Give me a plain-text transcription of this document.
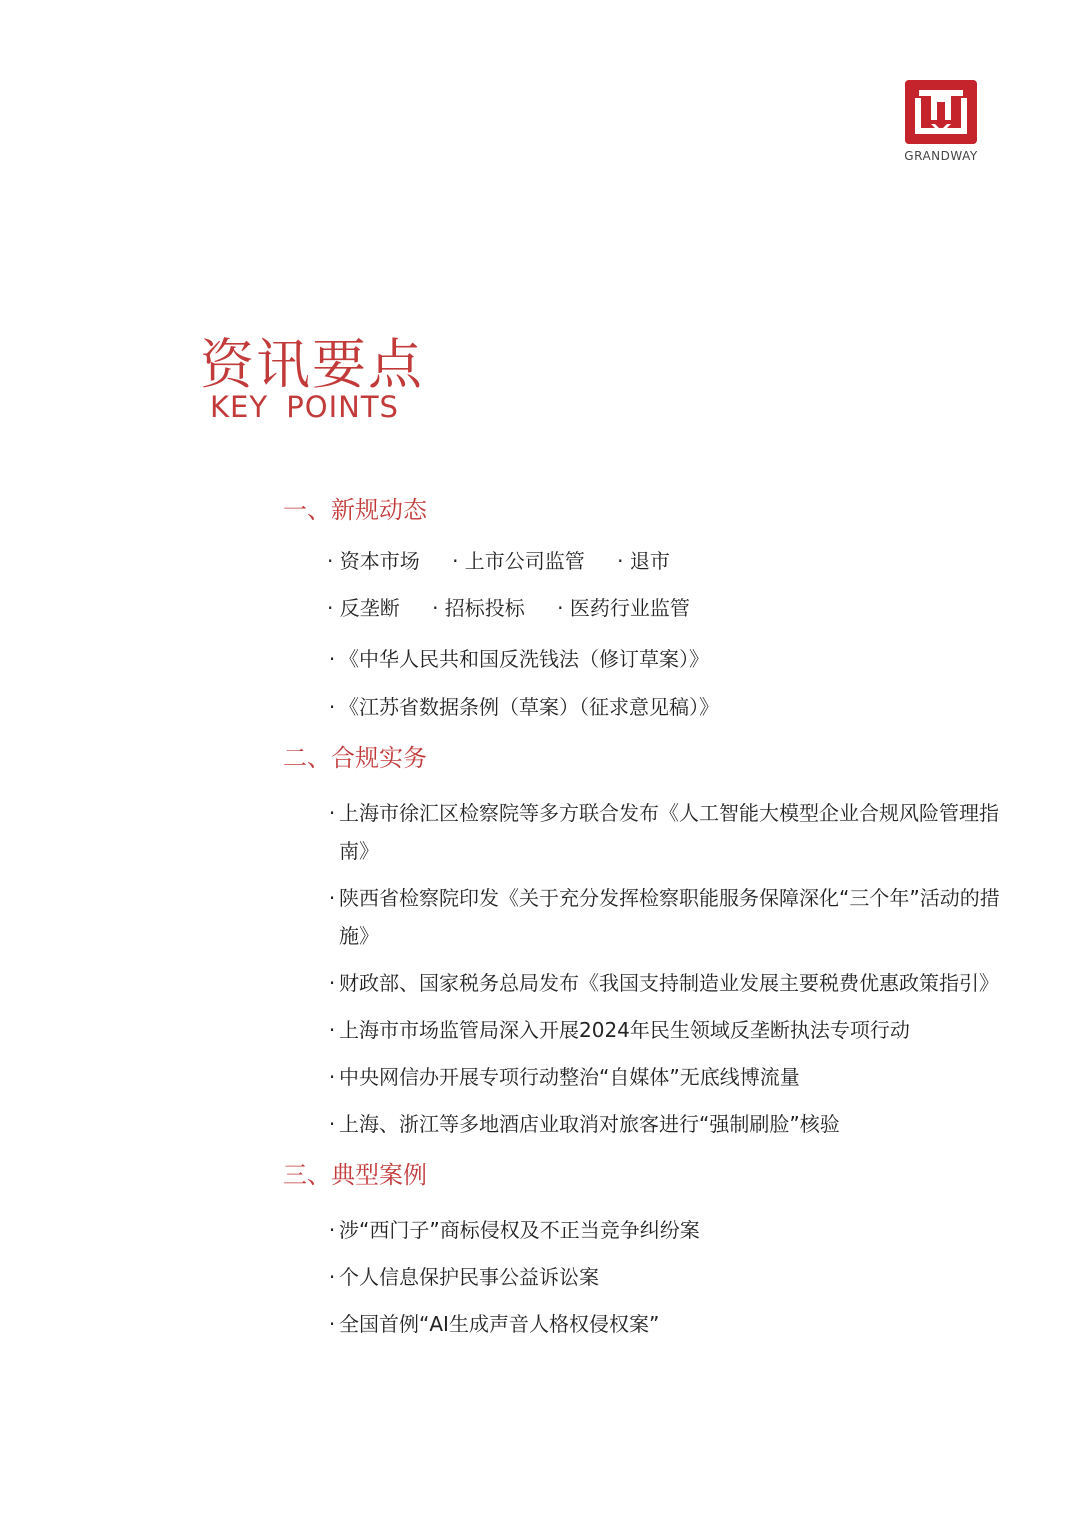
GRANDWAY
资讯要点
KEY POINTS
一、新规动态
· 资本市场 · 上市公司监管 · 退市
· 反垄断 · 招标投标 · 医药行业监管
· 《中华人民共和国反洗钱法（修订草案）》
· 《江苏省数据条例（草案）（征求意见稿）》
二、合规实务
· 上海市徐汇区检察院等多方联合发布《人工智能大模型企业合规风险管理指南》
· 陕西省检察院印发《关于充分发挥检察职能服务保障深化“三个年”活动的措施》
· 财政部、国家税务总局发布《我国支持制造业发展主要税费优惠政策指引》
· 上海市市场监管局深入开展2024年民生领域反垄断执法专项行动
· 中央网信办开展专项行动整治“自媒体”无底线博流量
· 上海、浙江等多地酒店业取消对旅客进行“强制刷脸”核验
三、典型案例
· 涉“西门子”商标侵权及不正当竞争纠纷案
· 个人信息保护民事公益诉讼案
· 全国首例“AI生成声音人格权侵权案”
